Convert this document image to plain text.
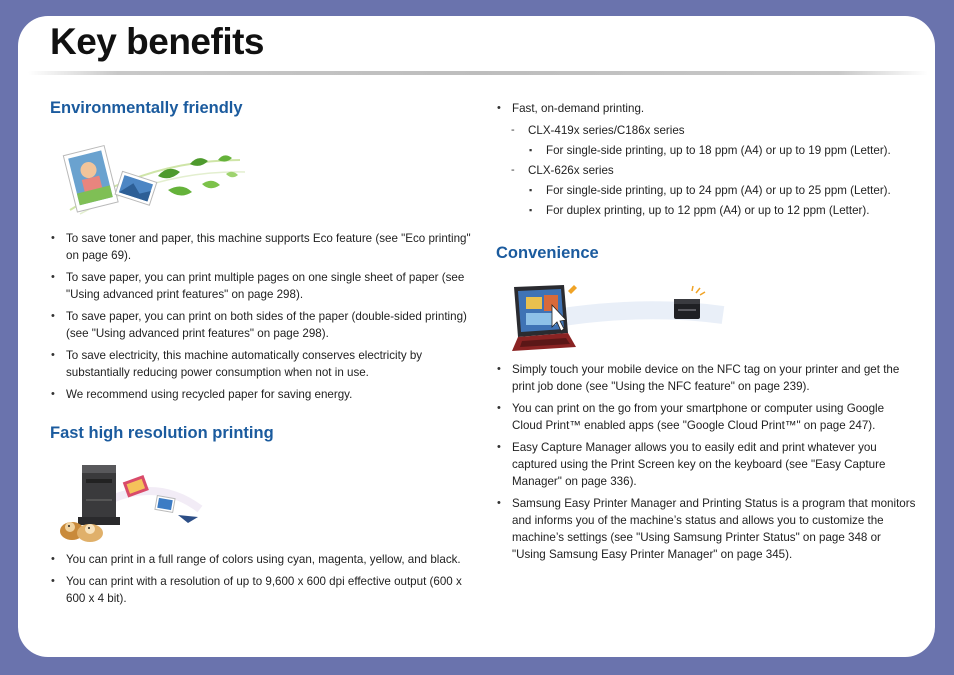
Key benefits
Environmentally friendly
• To save toner and paper, this machine supports Eco feature (see "Eco printing" on page 69).
• To save paper, you can print multiple pages on one single sheet of paper (see "Using advanced print features" on page 298).
• To save paper, you can print on both sides of the paper (double-sided printing) (see "Using advanced print features" on page 298).
• To save electricity, this machine automatically conserves electricity by substantially reducing power consumption when not in use.
• We recommend using recycled paper for saving energy.
Fast high resolution printing
• You can print in a full range of colors using cyan, magenta, yellow, and black.
• You can print with a resolution of up to 9,600 x 600 dpi effective output (600 x 600 x 4 bit).
• Fast, on-demand printing.
- CLX-419x series/C186x series
▪ For single-side printing, up to 18 ppm (A4) or up to 19 ppm (Letter).
- CLX-626x series
▪ For single-side printing, up to 24 ppm (A4) or up to 25 ppm (Letter).
▪ For duplex printing, up to 12 ppm (A4) or up to 12 ppm (Letter).
Convenience
• Simply touch your mobile device on the NFC tag on your printer and get the print job done (see "Using the NFC feature" on page 239).
• You can print on the go from your smartphone or computer using Google Cloud Print™ enabled apps (see "Google Cloud Print™" on page 247).
• Easy Capture Manager allows you to easily edit and print whatever you captured using the Print Screen key on the keyboard (see "Easy Capture Manager" on page 336).
• Samsung Easy Printer Manager and Printing Status is a program that monitors and informs you of the machine’s status and allows you to customize the machine’s settings (see "Using Samsung Printer Status" on page 348 or "Using Samsung Easy Printer Manager" on page 345).
